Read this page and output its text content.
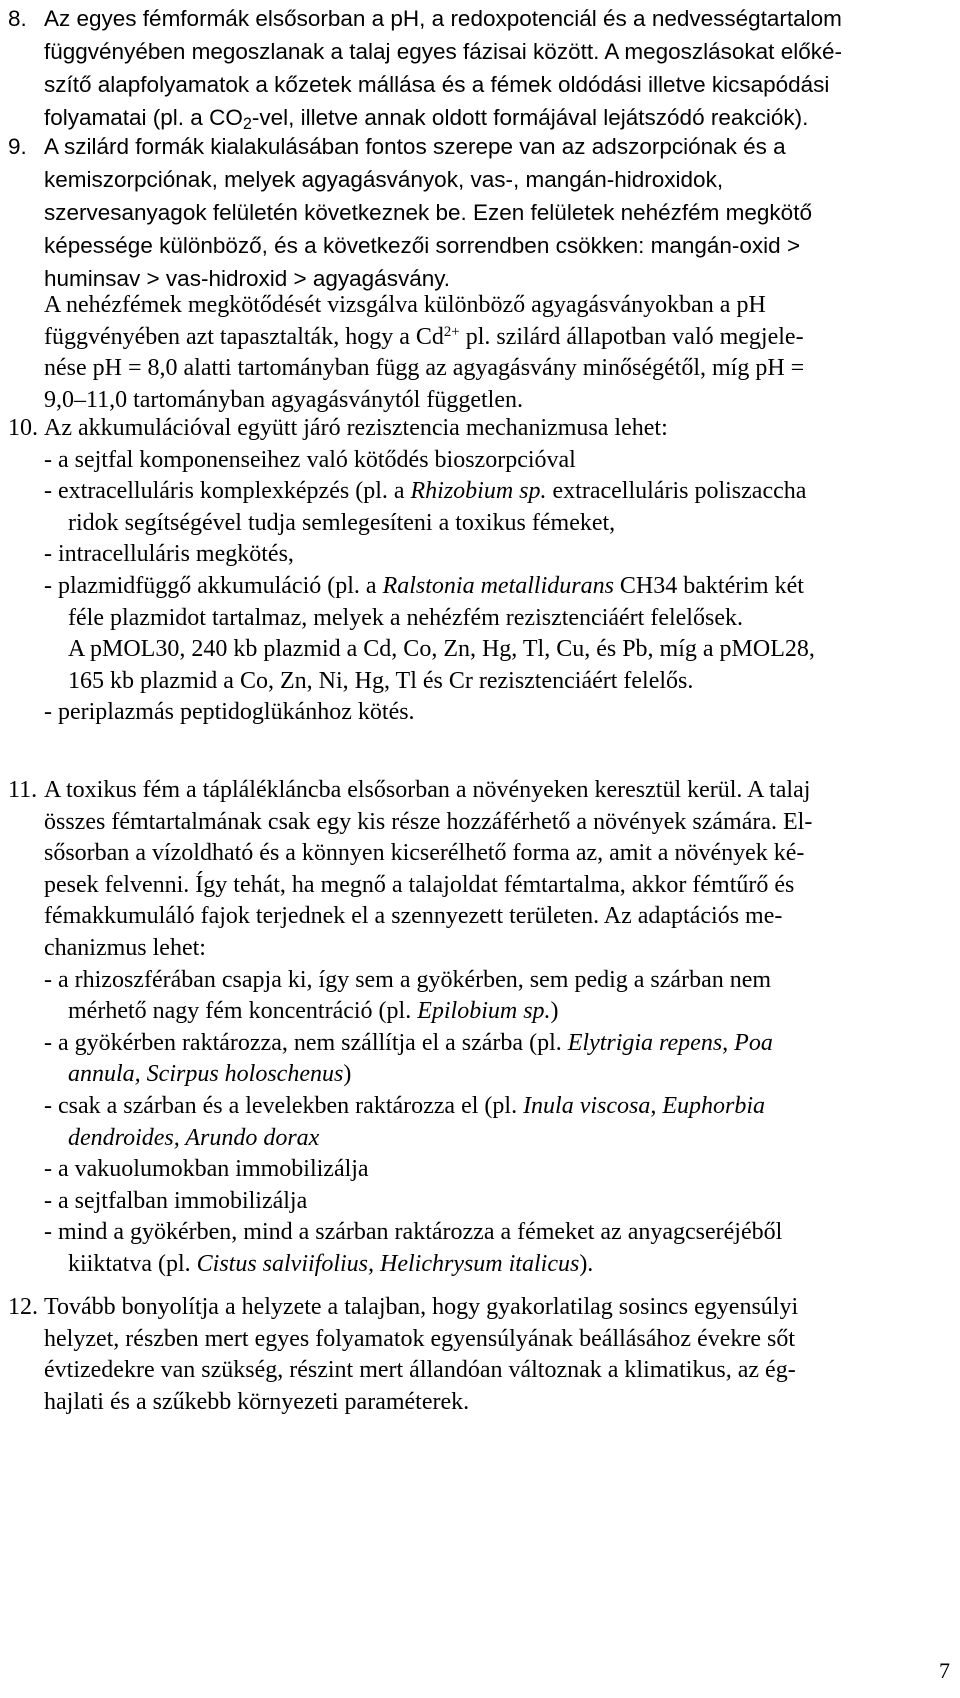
8. Az egyes fémformák elsősorban a pH, a redoxpotenciál és a nedvességtartalom
függvényében megoszlanak a talaj egyes fázisai között. A megoszlásokat előké-
szítő alapfolyamatok a kőzetek mállása és a fémek oldódási illetve kicsapódási
folyamatai (pl. a $CO_2$-vel, illetve annak oldott formájával lejátszódó reakciók).
9. A szilárd formák kialakulásában fontos szerepe van az adszorpciónak és a
kemiszorpciónak, melyek agyagásványok, vas-, mangán-hidroxidok,
szervesanyagok felületén következnek be. Ezen felületek nehézfém megkötő
képessége különböző, és a következői sorrendben csökken: mangán-oxid >
huminsav > vas-hidroxid > agyagásvány.
A nehézfémek megkötődését vizsgálva különböző agyagásványokban a pH
függvényében azt tapasztalták, hogy a $Cd^{2+}$ pl. szilárd állapotban való megjele-
nése pH = 8,0 alatti tartományban függ az agyagásvány minőségétől, míg pH =
9,0–11,0 tartományban agyagásványtól független.
10. Az akkumulációval együtt járó rezisztencia mechanizmusa lehet:
- a sejtfal komponenseihez való kötődés bioszorpcióval
- extracelluláris komplexképzés (pl. a Rhizobium sp. extracelluláris poliszaccha
ridok segítségével tudja semlegesíteni a toxikus fémeket,
- intracelluláris megkötés,
- plazmidfüggő akkumuláció (pl. a Ralstonia metallidurans CH34 baktérim két
féle plazmidot tartalmaz, melyek a nehézfém rezisztenciáért felelősek.
A pMOL30, 240 kb plazmid a Cd, Co, Zn, Hg, Tl, Cu, és Pb, míg a pMOL28,
165 kb plazmid a Co, Zn, Ni, Hg, Tl és Cr rezisztenciáért felelős.
- periplazmás peptidoglükánhoz kötés.
11. A toxikus fém a táplálékláncba elsősorban a növényeken keresztül kerül. A talaj
összes fémtartalmának csak egy kis része hozzáférhető a növények számára. El-
sősorban a vízoldható és a könnyen kicserélhető forma az, amit a növények ké-
pesek felvenni. Így tehát, ha megnő a talajoldat fémtartalma, akkor fémtűrő és
fémakkumuláló fajok terjednek el a szennyezett területen. Az adaptációs me-
chanizmus lehet:
- a rhizoszférában csapja ki, így sem a gyökérben, sem pedig a szárban nem
mérhető nagy fém koncentráció (pl. Epilobium sp.)
- a gyökérben raktározza, nem szállítja el a szárba (pl. Elytrigia repens, Poa
annula, Scirpus holoschenus)
- csak a szárban és a levelekben raktározza el (pl. Inula viscosa, Euphorbia
dendroides, Arundo dorax
- a vakuolumokban immobilizálja
- a sejtfalban immobilizálja
- mind a gyökérben, mind a szárban raktározza a fémeket az anyagcseréjéből
kiiktatva (pl. Cistus salviifolius, Helichrysum italicus).
12. Tovább bonyolítja a helyzete a talajban, hogy gyakorlatilag sosincs egyensúlyi
helyzet, részben mert egyes folyamatok egyensúlyának beállásához évekre sőt
évtizedekre van szükség, részint mert állandóan változnak a klimatikus, az ég-
hajlati és a szűkebb környezeti paraméterek.
7
